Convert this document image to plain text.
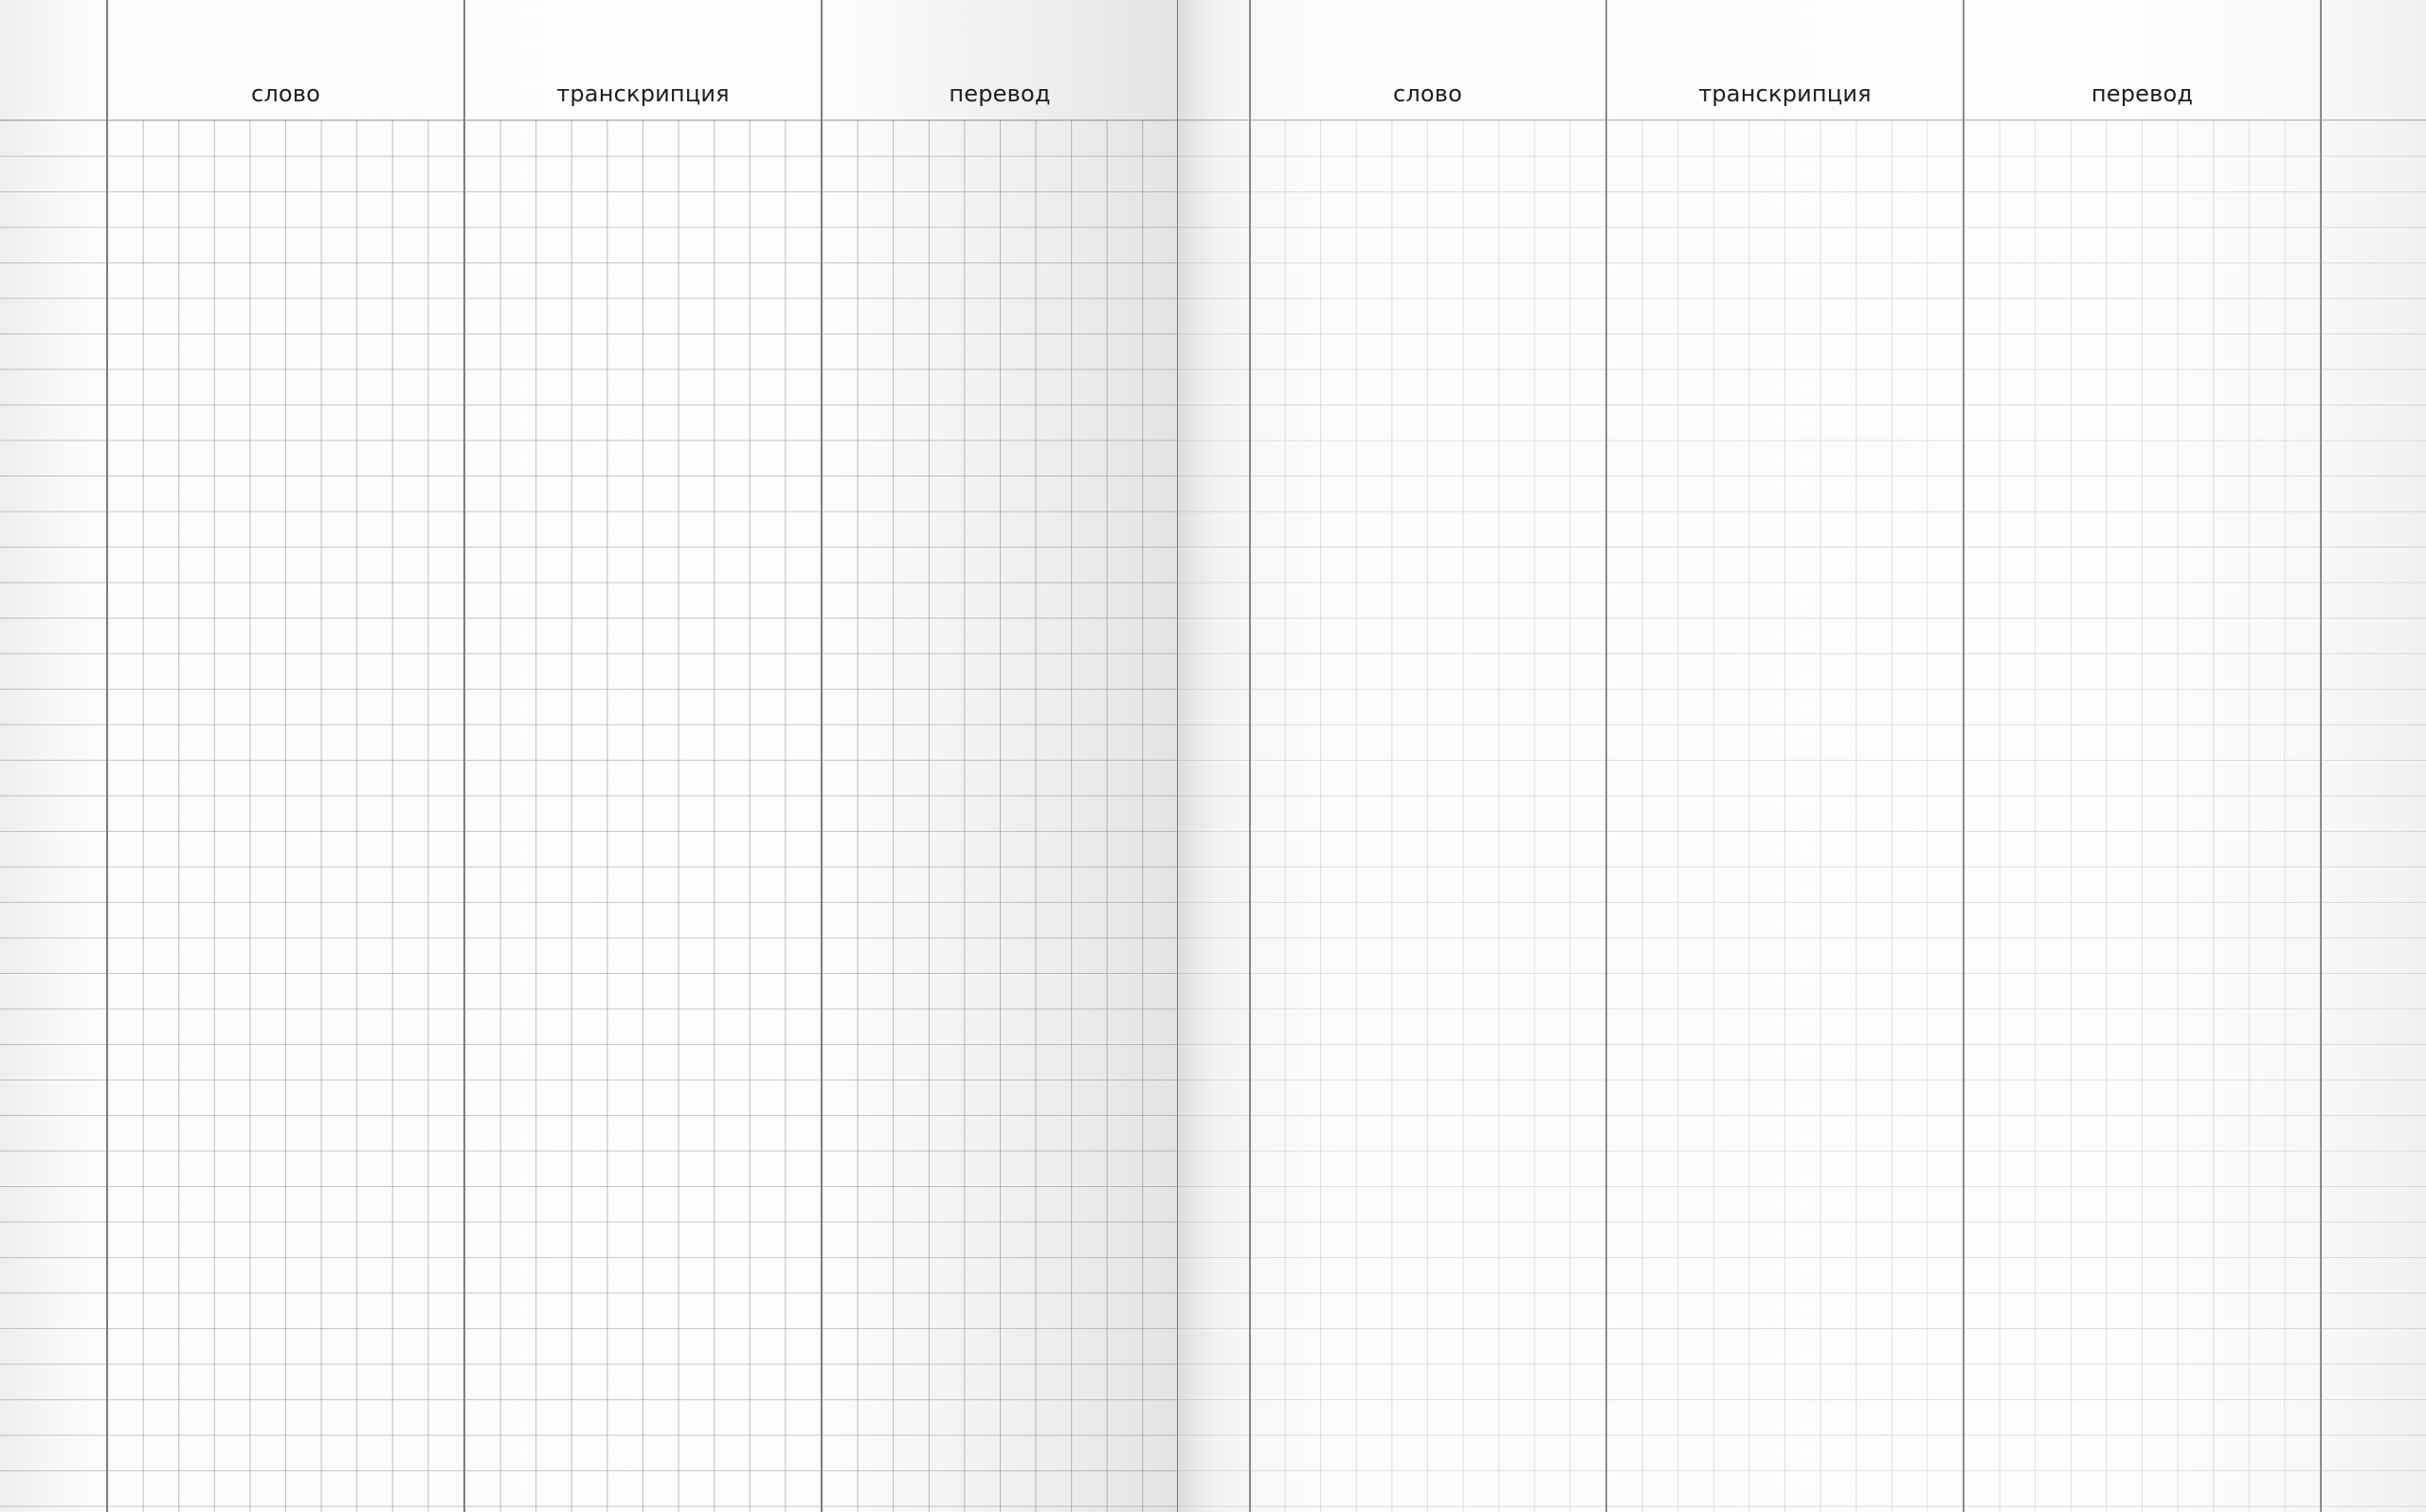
слово	транскрипция	перевод	слово	транскрипция	перевод
